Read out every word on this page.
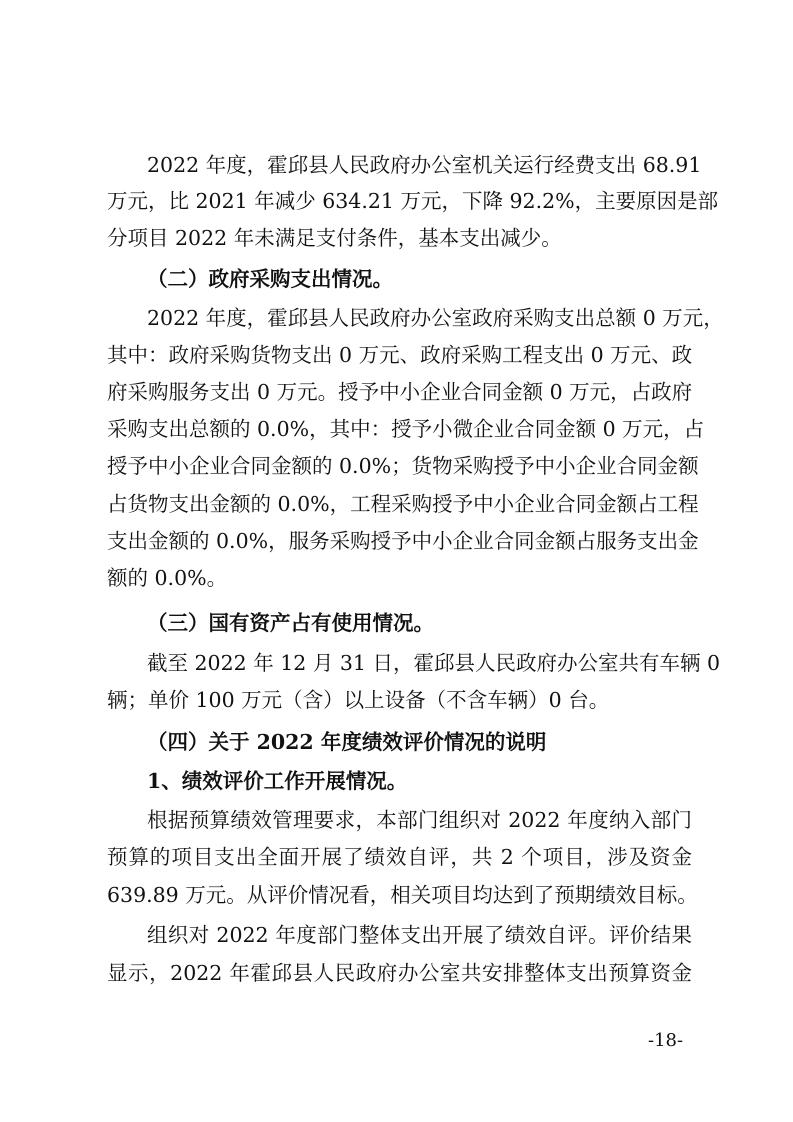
2022 年度，霍邱县人民政府办公室机关运行经费支出 68.91
万元，比 2021 年减少 634.21 万元，下降 92.2%，主要原因是部
分项目 2022 年未满足支付条件，基本支出减少。
（二）政府采购支出情况。
2022 年度，霍邱县人民政府办公室政府采购支出总额 0 万元，
其中：政府采购货物支出 0 万元、政府采购工程支出 0 万元、政
府采购服务支出 0 万元。授予中小企业合同金额 0 万元，占政府
采购支出总额的 0.0%，其中：授予小微企业合同金额 0 万元，占
授予中小企业合同金额的 0.0%；货物采购授予中小企业合同金额
占货物支出金额的 0.0%，工程采购授予中小企业合同金额占工程
支出金额的 0.0%，服务采购授予中小企业合同金额占服务支出金
额的 0.0%。
（三）国有资产占有使用情况。
截至 2022 年 12 月 31 日，霍邱县人民政府办公室共有车辆 0
辆；单价 100 万元（含）以上设备（不含车辆）0 台。
（四）关于 2022 年度绩效评价情况的说明
1、绩效评价工作开展情况。
根据预算绩效管理要求，本部门组织对 2022 年度纳入部门
预算的项目支出全面开展了绩效自评，共 2 个项目，涉及资金
639.89 万元。从评价情况看，相关项目均达到了预期绩效目标。
组织对 2022 年度部门整体支出开展了绩效自评。评价结果
显示，2022 年霍邱县人民政府办公室共安排整体支出预算资金
-18-
